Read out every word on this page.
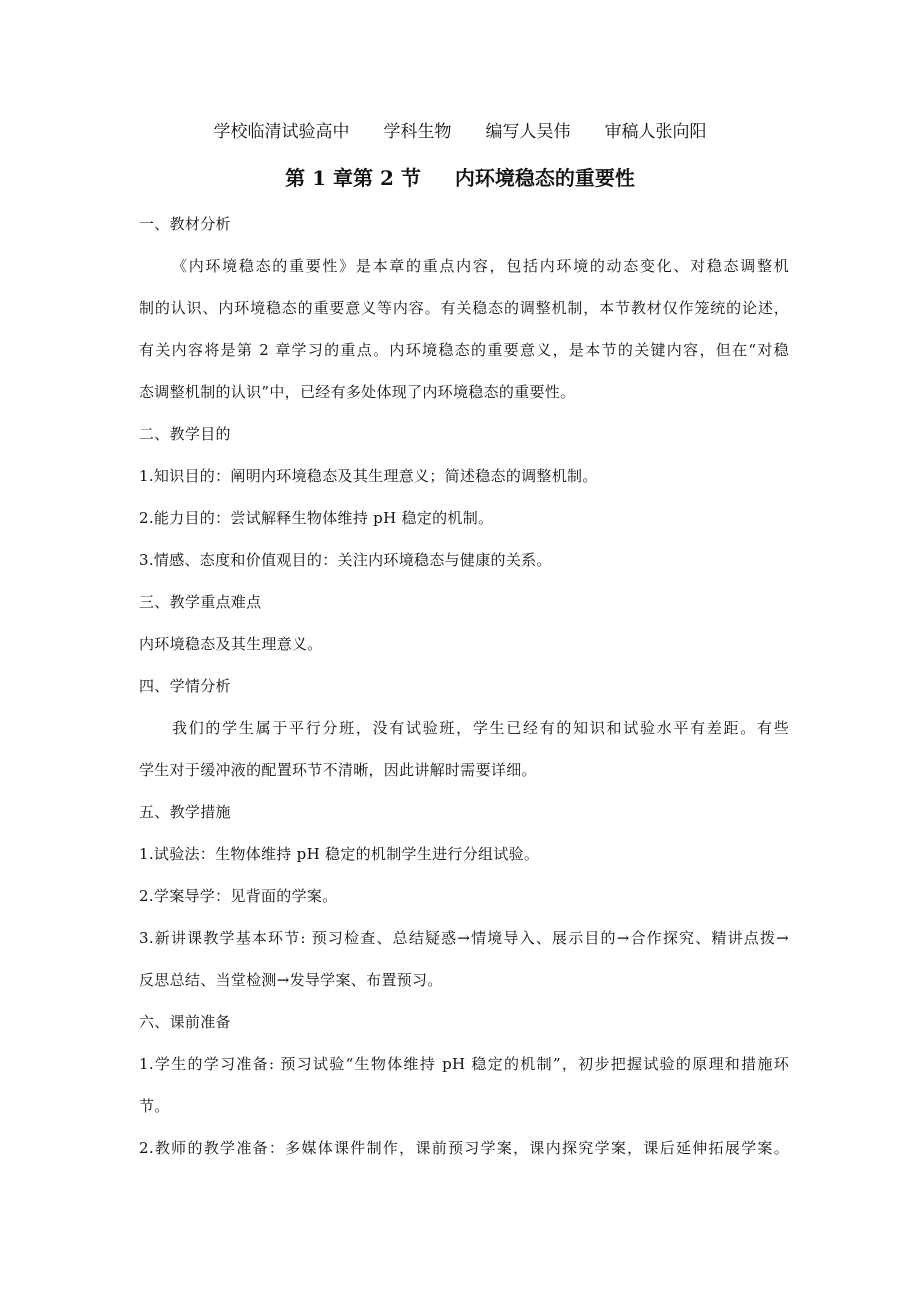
学校临清试验高中 学科生物 编写人吴伟 审稿人张向阳
第 1 章第 2 节 内环境稳态的重要性
一、教材分析
《内环境稳态的重要性》是本章的重点内容，包括内环境的动态变化、对稳态调整机
制的认识、内环境稳态的重要意义等内容。有关稳态的调整机制，本节教材仅作笼统的论述，
有关内容将是第 2 章学习的重点。内环境稳态的重要意义，是本节的关键内容，但在“对稳
态调整机制的认识”中，已经有多处体现了内环境稳态的重要性。
二、教学目的
1.知识目的：阐明内环境稳态及其生理意义；简述稳态的调整机制。
2.能力目的：尝试解释生物体维持 pH 稳定的机制。
3.情感、态度和价值观目的：关注内环境稳态与健康的关系。
三、教学重点难点
内环境稳态及其生理意义。
四、学情分析
我们的学生属于平行分班，没有试验班，学生已经有的知识和试验水平有差距。有些
学生对于缓冲液的配置环节不清晰，因此讲解时需要详细。
五、教学措施
1.试验法：生物体维持 pH 稳定的机制学生进行分组试验。
2.学案导学：见背面的学案。
3.新讲课教学基本环节: 预习检查、总结疑惑→情境导入、展示目的→合作探究、精讲点拨→
反思总结、当堂检测→发导学案、布置预习。
六、课前准备
1.学生的学习准备: 预习试验“生物体维持 pH 稳定的机制”，初步把握试验的原理和措施环
节。
2.教师的教学准备：多媒体课件制作，课前预习学案，课内探究学案，课后延伸拓展学案。
